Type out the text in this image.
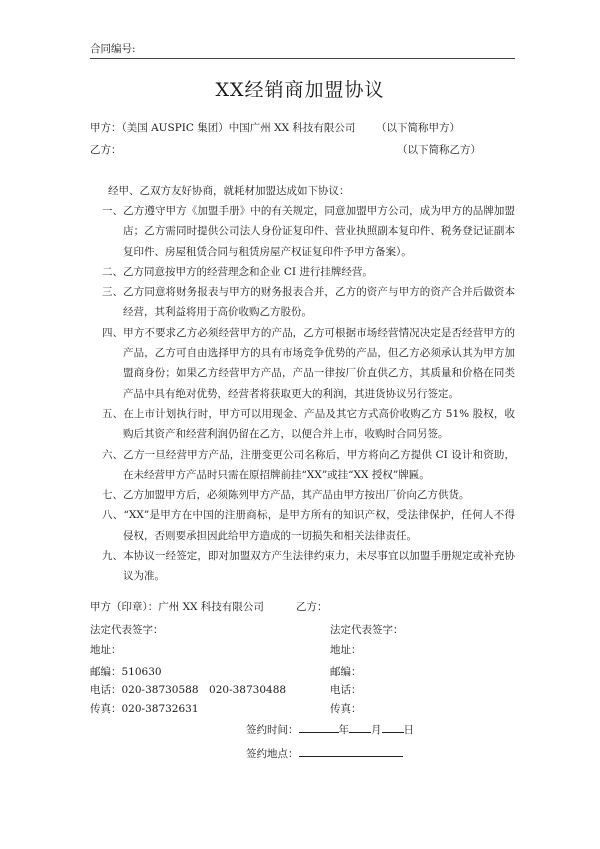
合同编号:
XX经销商加盟协议
甲方：（美国 AUSPIC 集团）中国广州 XX 科技有限公司 （以下简称甲方）
乙方：	（以下简称乙方）
经甲、乙双方友好协商，就耗材加盟达成如下协议：

一、乙方遵守甲方《加盟手册》中的有关规定，同意加盟甲方公司，成为甲方的品牌加盟店；乙方需同时提供公司法人身份证复印件、营业执照副本复印件、税务登记证副本复印件、房屋租赁合同与租赁房屋产权证复印件予甲方备案）。

二、乙方同意按甲方的经营理念和企业 CI 进行挂牌经营。

三、乙方同意将财务报表与甲方的财务报表合并，乙方的资产与甲方的资产合并后做资本经营，其利益将用于高价收购乙方股份。

四、甲方不要求乙方必须经营甲方的产品，乙方可根据市场经营情况决定是否经营甲方的产品，乙方可自由选择甲方的具有市场竞争优势的产品，但乙方必须承认其为甲方加盟商身份；如果乙方经营甲方产品，产品一律按厂价直供乙方，其质量和价格在同类产品中具有绝对优势，经营者将获取更大的利润，其进货协议另行签定。

五、在上市计划执行时，甲方可以用现金、产品及其它方式高价收购乙方 51% 股权，收购后其资产和经营利润仍留在乙方，以便合并上市，收购时合同另签。

六、乙方一旦经营甲方产品，注册变更公司名称后，甲方将向乙方提供 CI 设计和资助，在未经营甲方产品时只需在原招牌前挂“XX”或挂“XX 授权”牌匾。

七、乙方加盟甲方后，必须陈列甲方产品，其产品由甲方按出厂价向乙方供货。

八、“XX”是甲方在中国的注册商标，是甲方所有的知识产权，受法律保护，任何人不得侵权，否则要承担因此给甲方造成的一切损失和相关法律责任。

九、本协议一经签定，即对加盟双方产生法律约束力，未尽事宜以加盟手册规定或补充协议为准。

甲方（印章）：广州 XX 科技有限公司	乙方：
法定代表签字：	法定代表签字：
地址：	地址：
邮编：510630	邮编：
电话：020-38730588　020-38730488	电话：
传真：020-38732631	传真：
签约时间：	年 月 日
签约地点：
